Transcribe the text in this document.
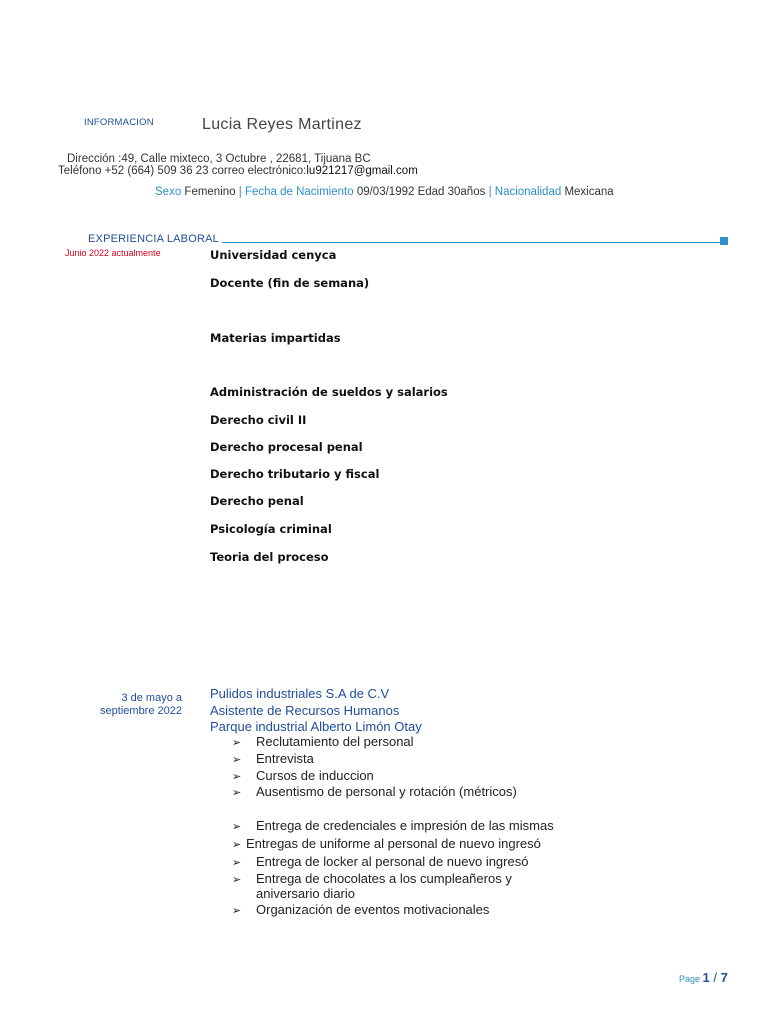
INFORMACION	Lucia Reyes Martinez
Dirección :49, Calle mixteco, 3 Octubre , 22681, Tijuana BC
Teléfono +52 (664) 509 36 23 correo electrónico:lu921217@gmail.com
Sexo Femenino | Fecha de Nacimiento 09/03/1992 Edad 30años | Nacionalidad Mexicana
EXPERIENCIA LABORAL
Junio 2022 actualmente	Universidad cenyca
Docente (fin de semana)
Materias impartidas
Administración de sueldos y salarios
Derecho civil II
Derecho procesal penal
Derecho tributario y fiscal
Derecho penal
Psicología criminal
Teoria del proceso
3 de mayo a
septiembre 2022
Pulidos industriales S.A de C.V
Asistente de Recursos Humanos
Parque industrial Alberto Limón Otay
➢ Reclutamiento del personal
➢ Entrevista
➢ Cursos de induccion
➢ Ausentismo de personal y rotación (métricos)
➢ Entrega de credenciales e impresión de las mismas
➢ Entregas de uniforme al personal de nuevo ingresó
➢ Entrega de locker al personal de nuevo ingresó
➢ Entrega de chocolates a los cumpleañeros y aniversario diario
➢ Organización de eventos motivacionales
Page 1 / 7
